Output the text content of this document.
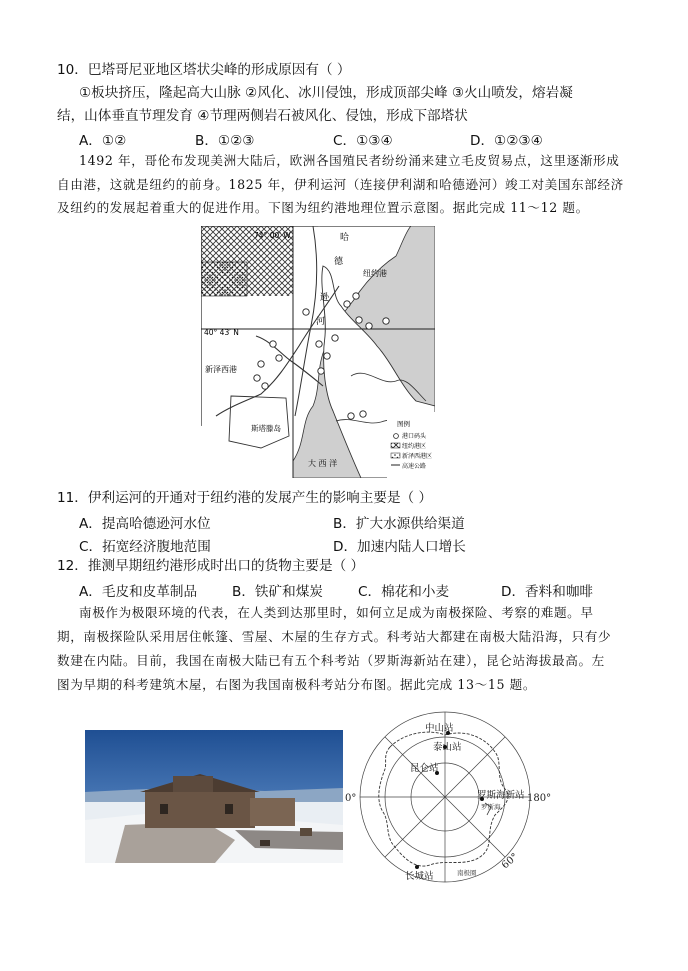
10．巴塔哥尼亚地区塔状尖峰的形成原因有（ ）
①板块挤压，隆起高大山脉 ②风化、冰川侵蚀，形成顶部尖峰 ③火山喷发，熔岩凝
结，山体垂直节理发育 ④节理两侧岩石被风化、侵蚀，形成下部塔状
A．①②	B．①②③	C．①③④	D．①②③④
1492 年，哥伦布发现美洲大陆后，欧洲各国殖民者纷纷涌来建立毛皮贸易点，这里逐渐形成
自由港，这就是纽约的前身。1825 年，伊利运河（连接伊利湖和哈德逊河）竣工对美国东部经济
及纽约的发展起着重大的促进作用。下图为纽约港地理位置示意图。据此完成 11～12 题。
74° 00′ W
40° 43′ N
哈
德
逊
河
纽约港
新泽西港
斯塔滕岛
大 西 洋
图例
港口码头
纽约港区
新泽西港区
高速公路
11．伊利运河的开通对于纽约港的发展产生的影响主要是（ ）
A．提高哈德逊河水位	B．扩大水源供给渠道
C．拓宽经济腹地范围	D．加速内陆人口增长
12．推测早期纽约港形成时出口的货物主要是（ ）
A．毛皮和皮革制品	B．铁矿和煤炭	C．棉花和小麦	D．香料和咖啡
南极作为极限环境的代表，在人类到达那里时，如何立足成为南极探险、考察的难题。早
期，南极探险队采用居住帐篷、雪屋、木屋的生存方式。科考站大都建在南极大陆沿海，只有少
数建在内陆。目前，我国在南极大陆已有五个科考站（罗斯海新站在建），昆仑站海拔最高。左
图为早期的科考建筑木屋，右图为我国南极科考站分布图。据此完成 13～15 题。
中山站
泰山站
昆仑站
罗斯海新站
长城站
罗斯海
南极圈
0°	180°
60°
